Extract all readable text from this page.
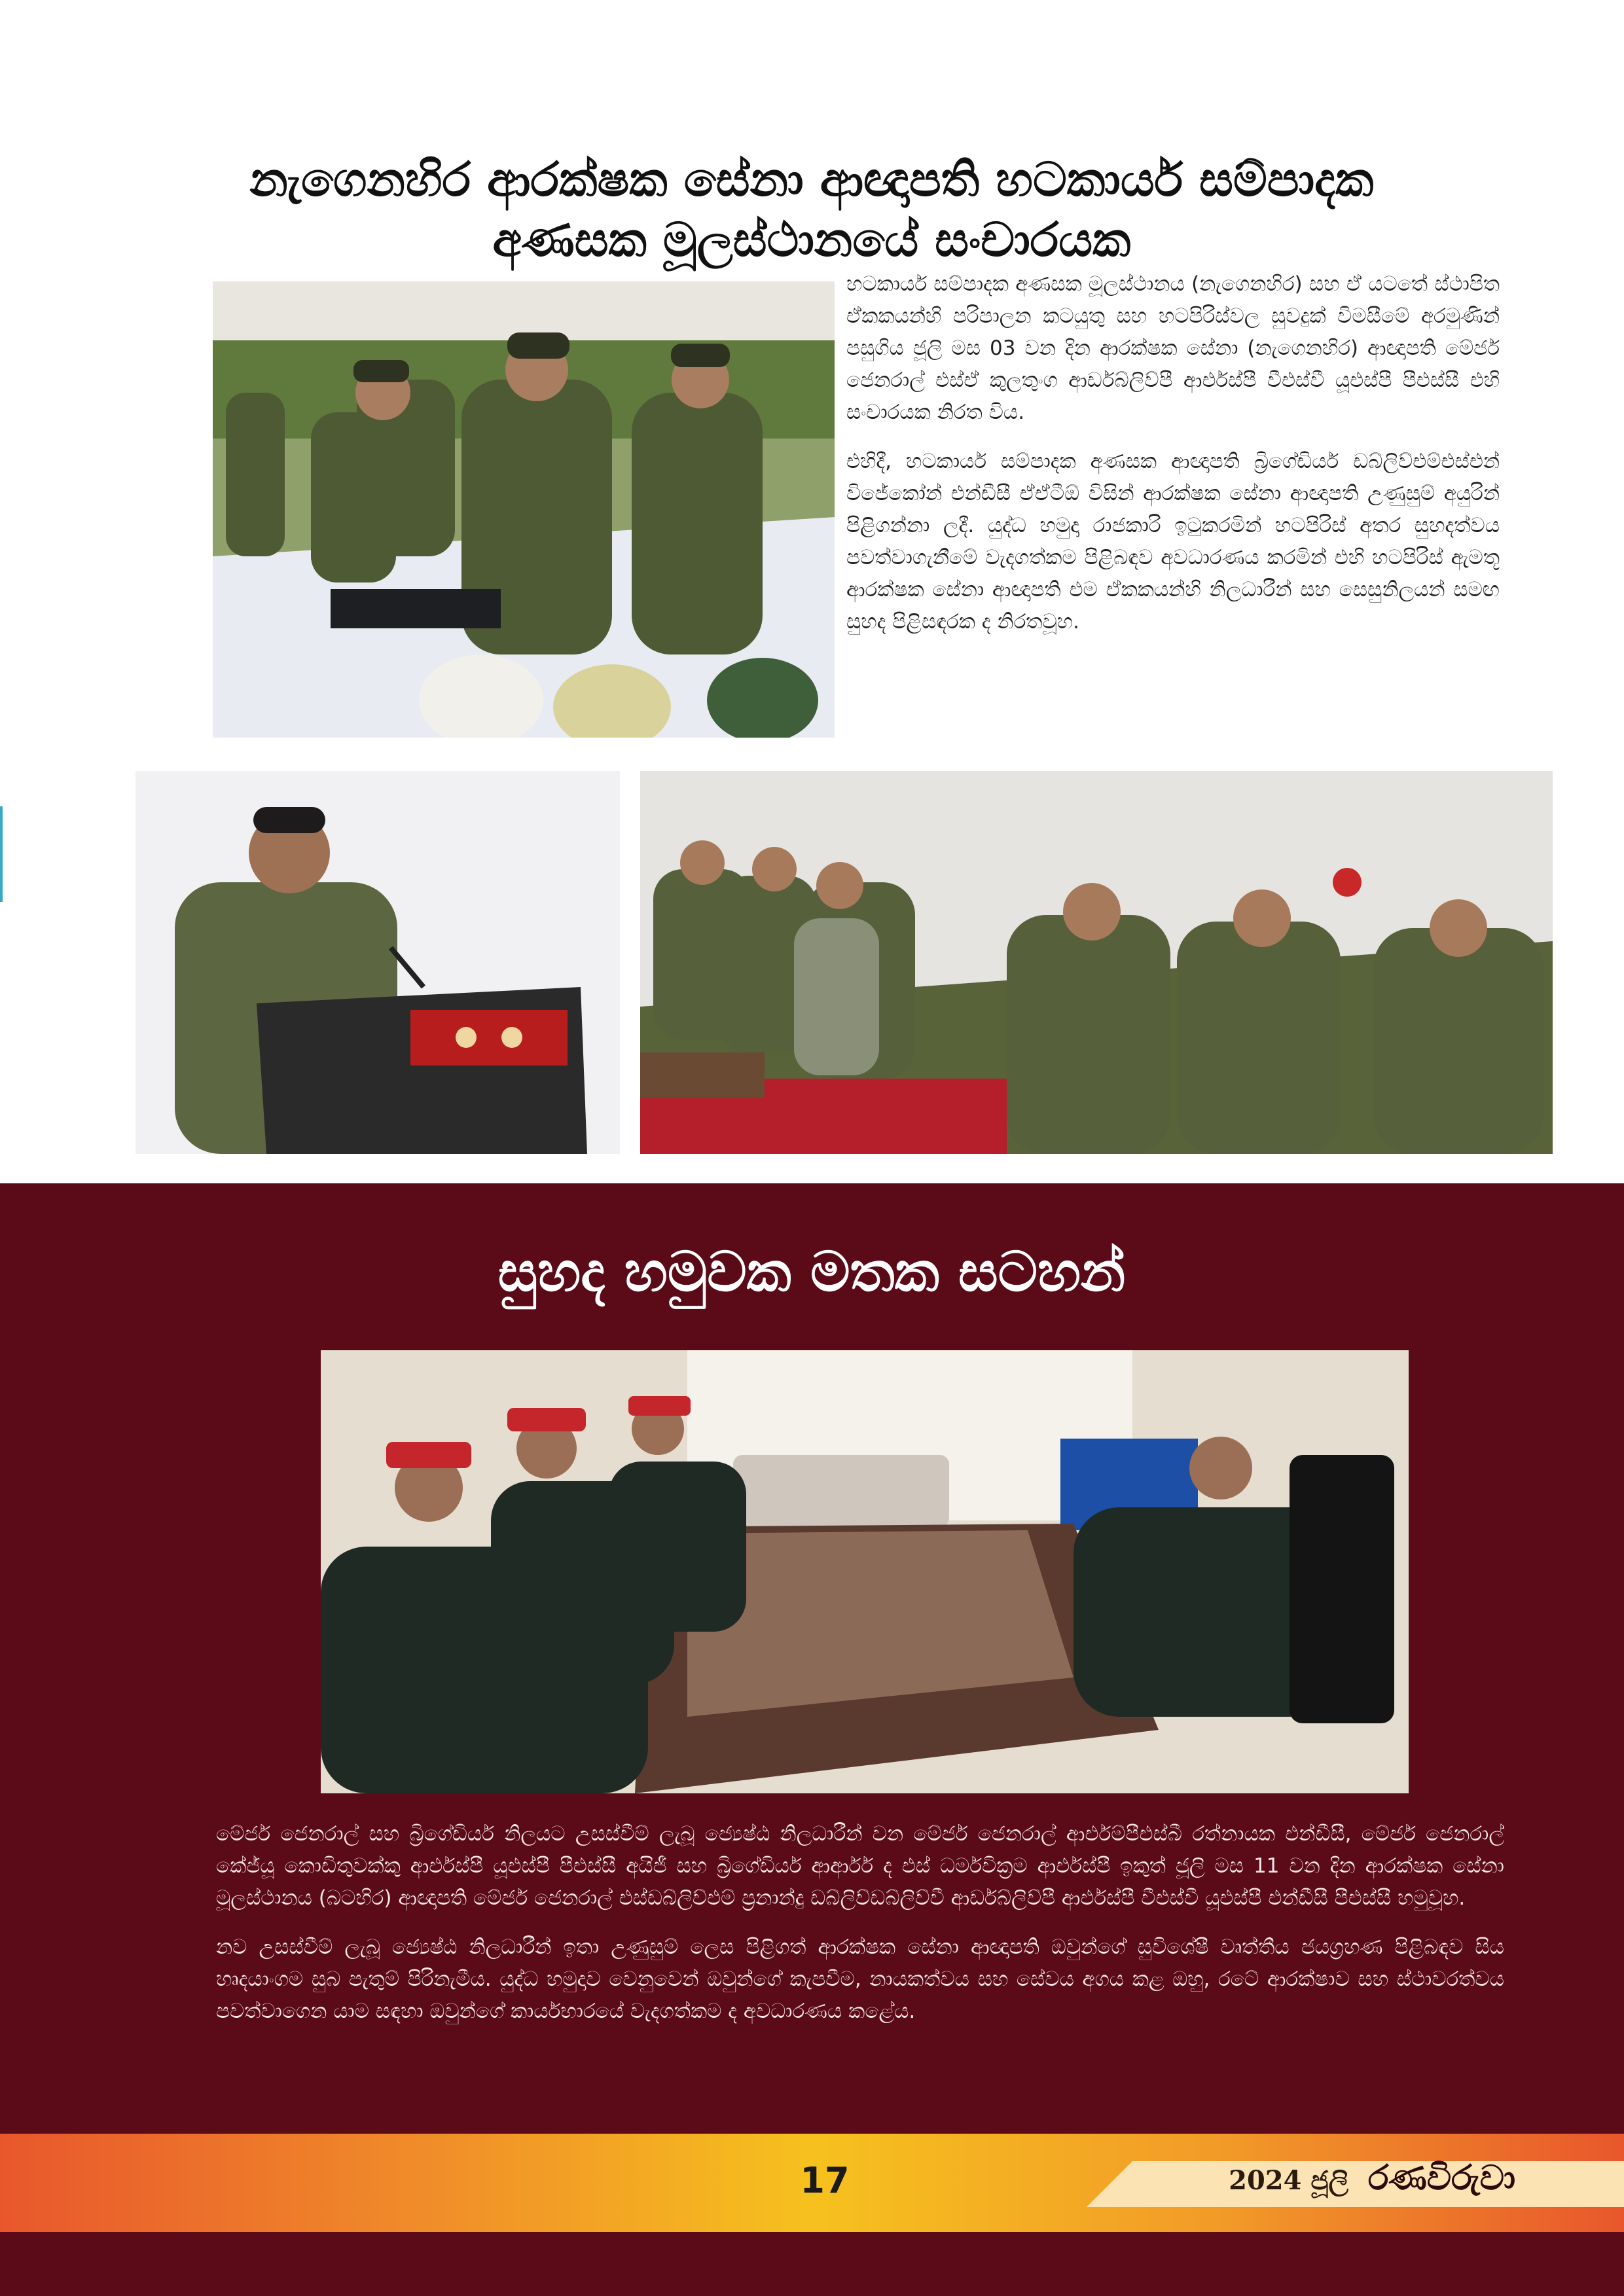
නැගෙනහිර ආරක්ෂක සේනා ආඥාපති හටකාර්ය සම්පාදක
අණසක මූලස්ථානයේ සංචාරයක

හටකාර්ය සම්පාදක අණසක මූලස්ථානය (නැගෙනහිර) සහ ඒ යටතේ ස්ථාපිත ඒකකයන්හි පරිපාලන කටයුතු සහ හටපිරිස්වල සුවදුක් විමසීමේ අරමුණින් පසුගිය ජූලි මස 03 වන දින ආරක්ෂක සේනා (නැගෙනහිර) ආඥාපති මේජර් ජෙනරාල් එස්ඒ කුලතුංග ආර්ඩබ්ලිව්පී ආර්එස්පී වීඑස්වී යූඑස්පී පීඑස්සී එහි සංචාරයක නිරත විය.

එහිදී, හටකාර්ය සම්පාදක අණසක ආඥාපති බ්‍රිගේඩියර් ඩබ්ලිව්එම්එස්එන් විජේකෝන් එන්ඩීසී ඒඒටීඕ විසින් ආරක්ෂක සේනා ආඥාපති උණුසුම් අයුරින් පිළිගන්නා ලදී. යුද්ධ හමුදා රාජකාරි ඉටුකරමින් හටපිරිස් අතර සුහදත්වය පවත්වාගැනීමේ වැදගත්කම පිළිබඳව අවධාරණය කරමින් එහි හටපිරිස් ඇමතූ ආරක්ෂක සේනා ආඥාපති එම ඒකකයන්හි නිලධාරීන් සහ සෙසුනිලයන් සමඟ සුහද පිළිසඳරක ද නිරතවූහ.

සුහද හමුවක මතක සටහන්

මේජර් ජෙනරාල් සහ බ්‍රිගේඩියර් නිලයට උසස්වීම් ලැබූ ජ්‍යෙෂ්ඨ නිලධාරීන් වන මේජර් ජෙනරාල් ආර්එම්පීඑස්බී රත්නායක එන්ඩීසී, මේජර් ජෙනරාල් කේජ්යූ කොඩිතුවක්කු ආර්එස්පී යූඑස්පී පීඑස්සී අයිජී සහ බ්‍රිගේඩියර් ආර්ආර් ද එස් ධර්මවික්‍රම ආර්එස්පී ඉකුත් ජූලි මස 11 වන දින ආරක්ෂක සේනා මූලස්ථානය (බටහිර) ආඥාපති මේජර් ජෙනරාල් එස්ඩබ්ලිව්එම් ප්‍රනාන්දු ඩබ්ලිව්ඩබ්ලිව්වී ආර්ඩබ්ලිව්පී ආර්එස්පී වීඑස්වී යූඑස්පී එන්ඩීසී පීඑස්සී හමුවූහ.

නව උසස්වීම් ලැබූ ජ්‍යෙෂ්ඨ නිලධාරීන් ඉතා උණුසුම් ලෙස පිළිගත් ආරක්ෂක සේනා ආඥාපති ඔවුන්ගේ සුවිශේෂී වෘත්තීය ජයග්‍රහණ පිළිබඳව සිය හෘදයාංගම සුබ පැතුම් පිරිනැමීය. යුද්ධ හමුදාව වෙනුවෙන් ඔවුන්ගේ කැපවීම, නායකත්වය සහ සේවය අගය කළ ඔහු, රටේ ආරක්ෂාව සහ ස්ථාවරත්වය පවත්වාගෙන යාම සඳහා ඔවුන්ගේ කාර්යභාරයේ වැදගත්කම ද අවධාරණය කළේය.

17	2024 ජූලි රණවිරුවා
